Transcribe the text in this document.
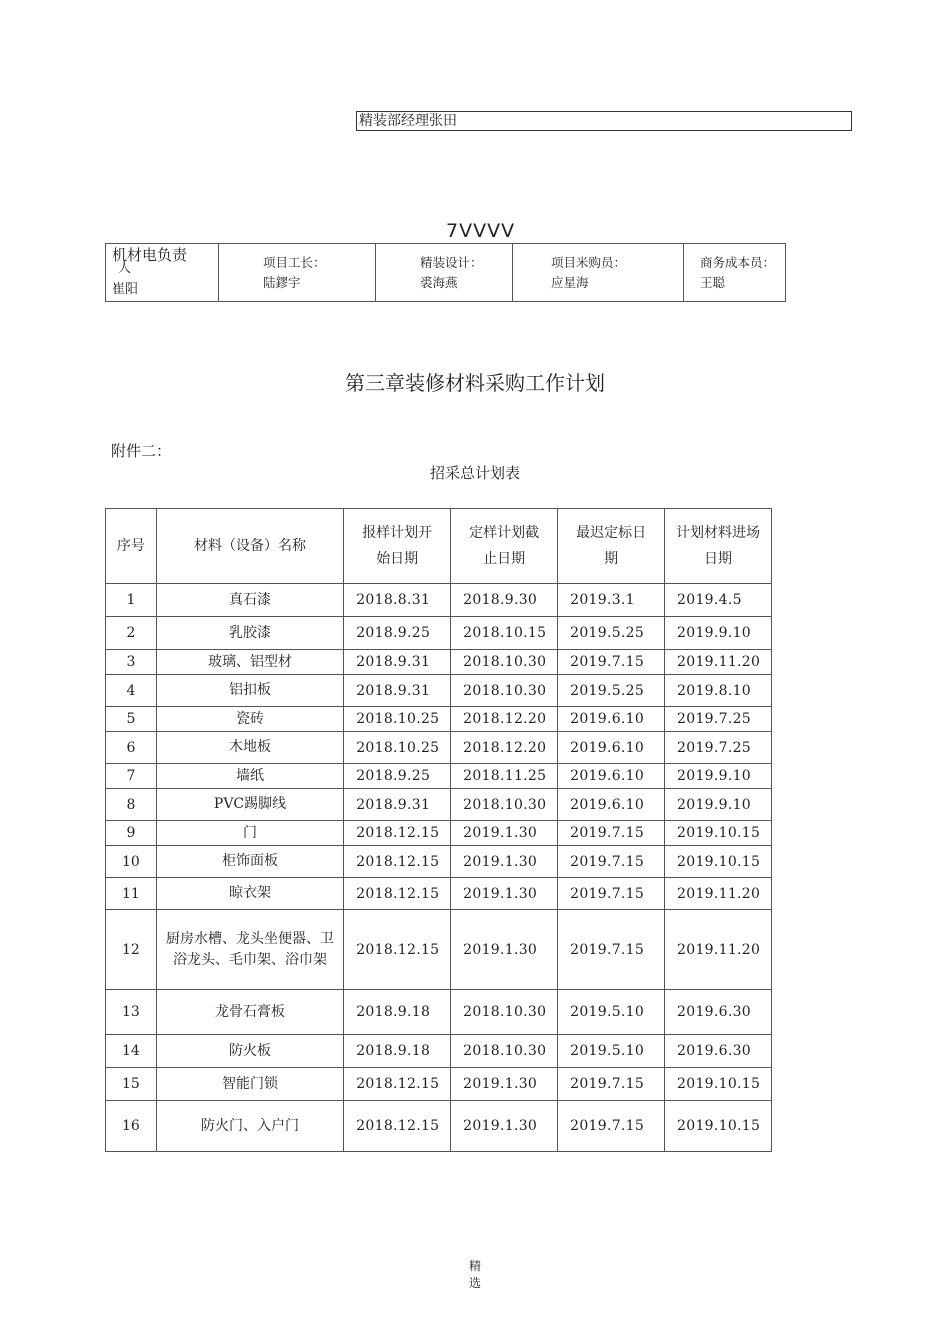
精装部经理张田
7VVVV
机材电负责
人
崔阳

项目工长：
陆鏐宇

精装设计：
裘海燕

项目米购员：
应星海

商务成本员：
王聪
第三章装修材料采购工作计划
附件二：
招采总计划表
序号	材料（设备）名称	报样计划开始日期	定样计划截止日期	最迟定标日期	计划材料进场日期
1	真石漆	2018.8.31	2018.9.30	2019.3.1	2019.4.5
2	乳胶漆	2018.9.25	2018.10.15	2019.5.25	2019.9.10
3	玻璃、铝型材	2018.9.31	2018.10.30	2019.7.15	2019.11.20
4	铝扣板	2018.9.31	2018.10.30	2019.5.25	2019.8.10
5	瓷砖	2018.10.25	2018.12.20	2019.6.10	2019.7.25
6	木地板	2018.10.25	2018.12.20	2019.6.10	2019.7.25
7	墙纸	2018.9.25	2018.11.25	2019.6.10	2019.9.10
8	PVC踢脚线	2018.9.31	2018.10.30	2019.6.10	2019.9.10
9	门	2018.12.15	2019.1.30	2019.7.15	2019.10.15
10	柜饰面板	2018.12.15	2019.1.30	2019.7.15	2019.10.15
11	晾衣架	2018.12.15	2019.1.30	2019.7.15	2019.11.20
12	厨房水槽、龙头坐便器、卫浴龙头、毛巾架、浴巾架	2018.12.15	2019.1.30	2019.7.15	2019.11.20
13	龙骨石膏板	2018.9.18	2018.10.30	2019.5.10	2019.6.30
14	防火板	2018.9.18	2018.10.30	2019.5.10	2019.6.30
15	智能门锁	2018.12.15	2019.1.30	2019.7.15	2019.10.15
16	防火门、入户门	2018.12.15	2019.1.30	2019.7.15	2019.10.15
精
选
